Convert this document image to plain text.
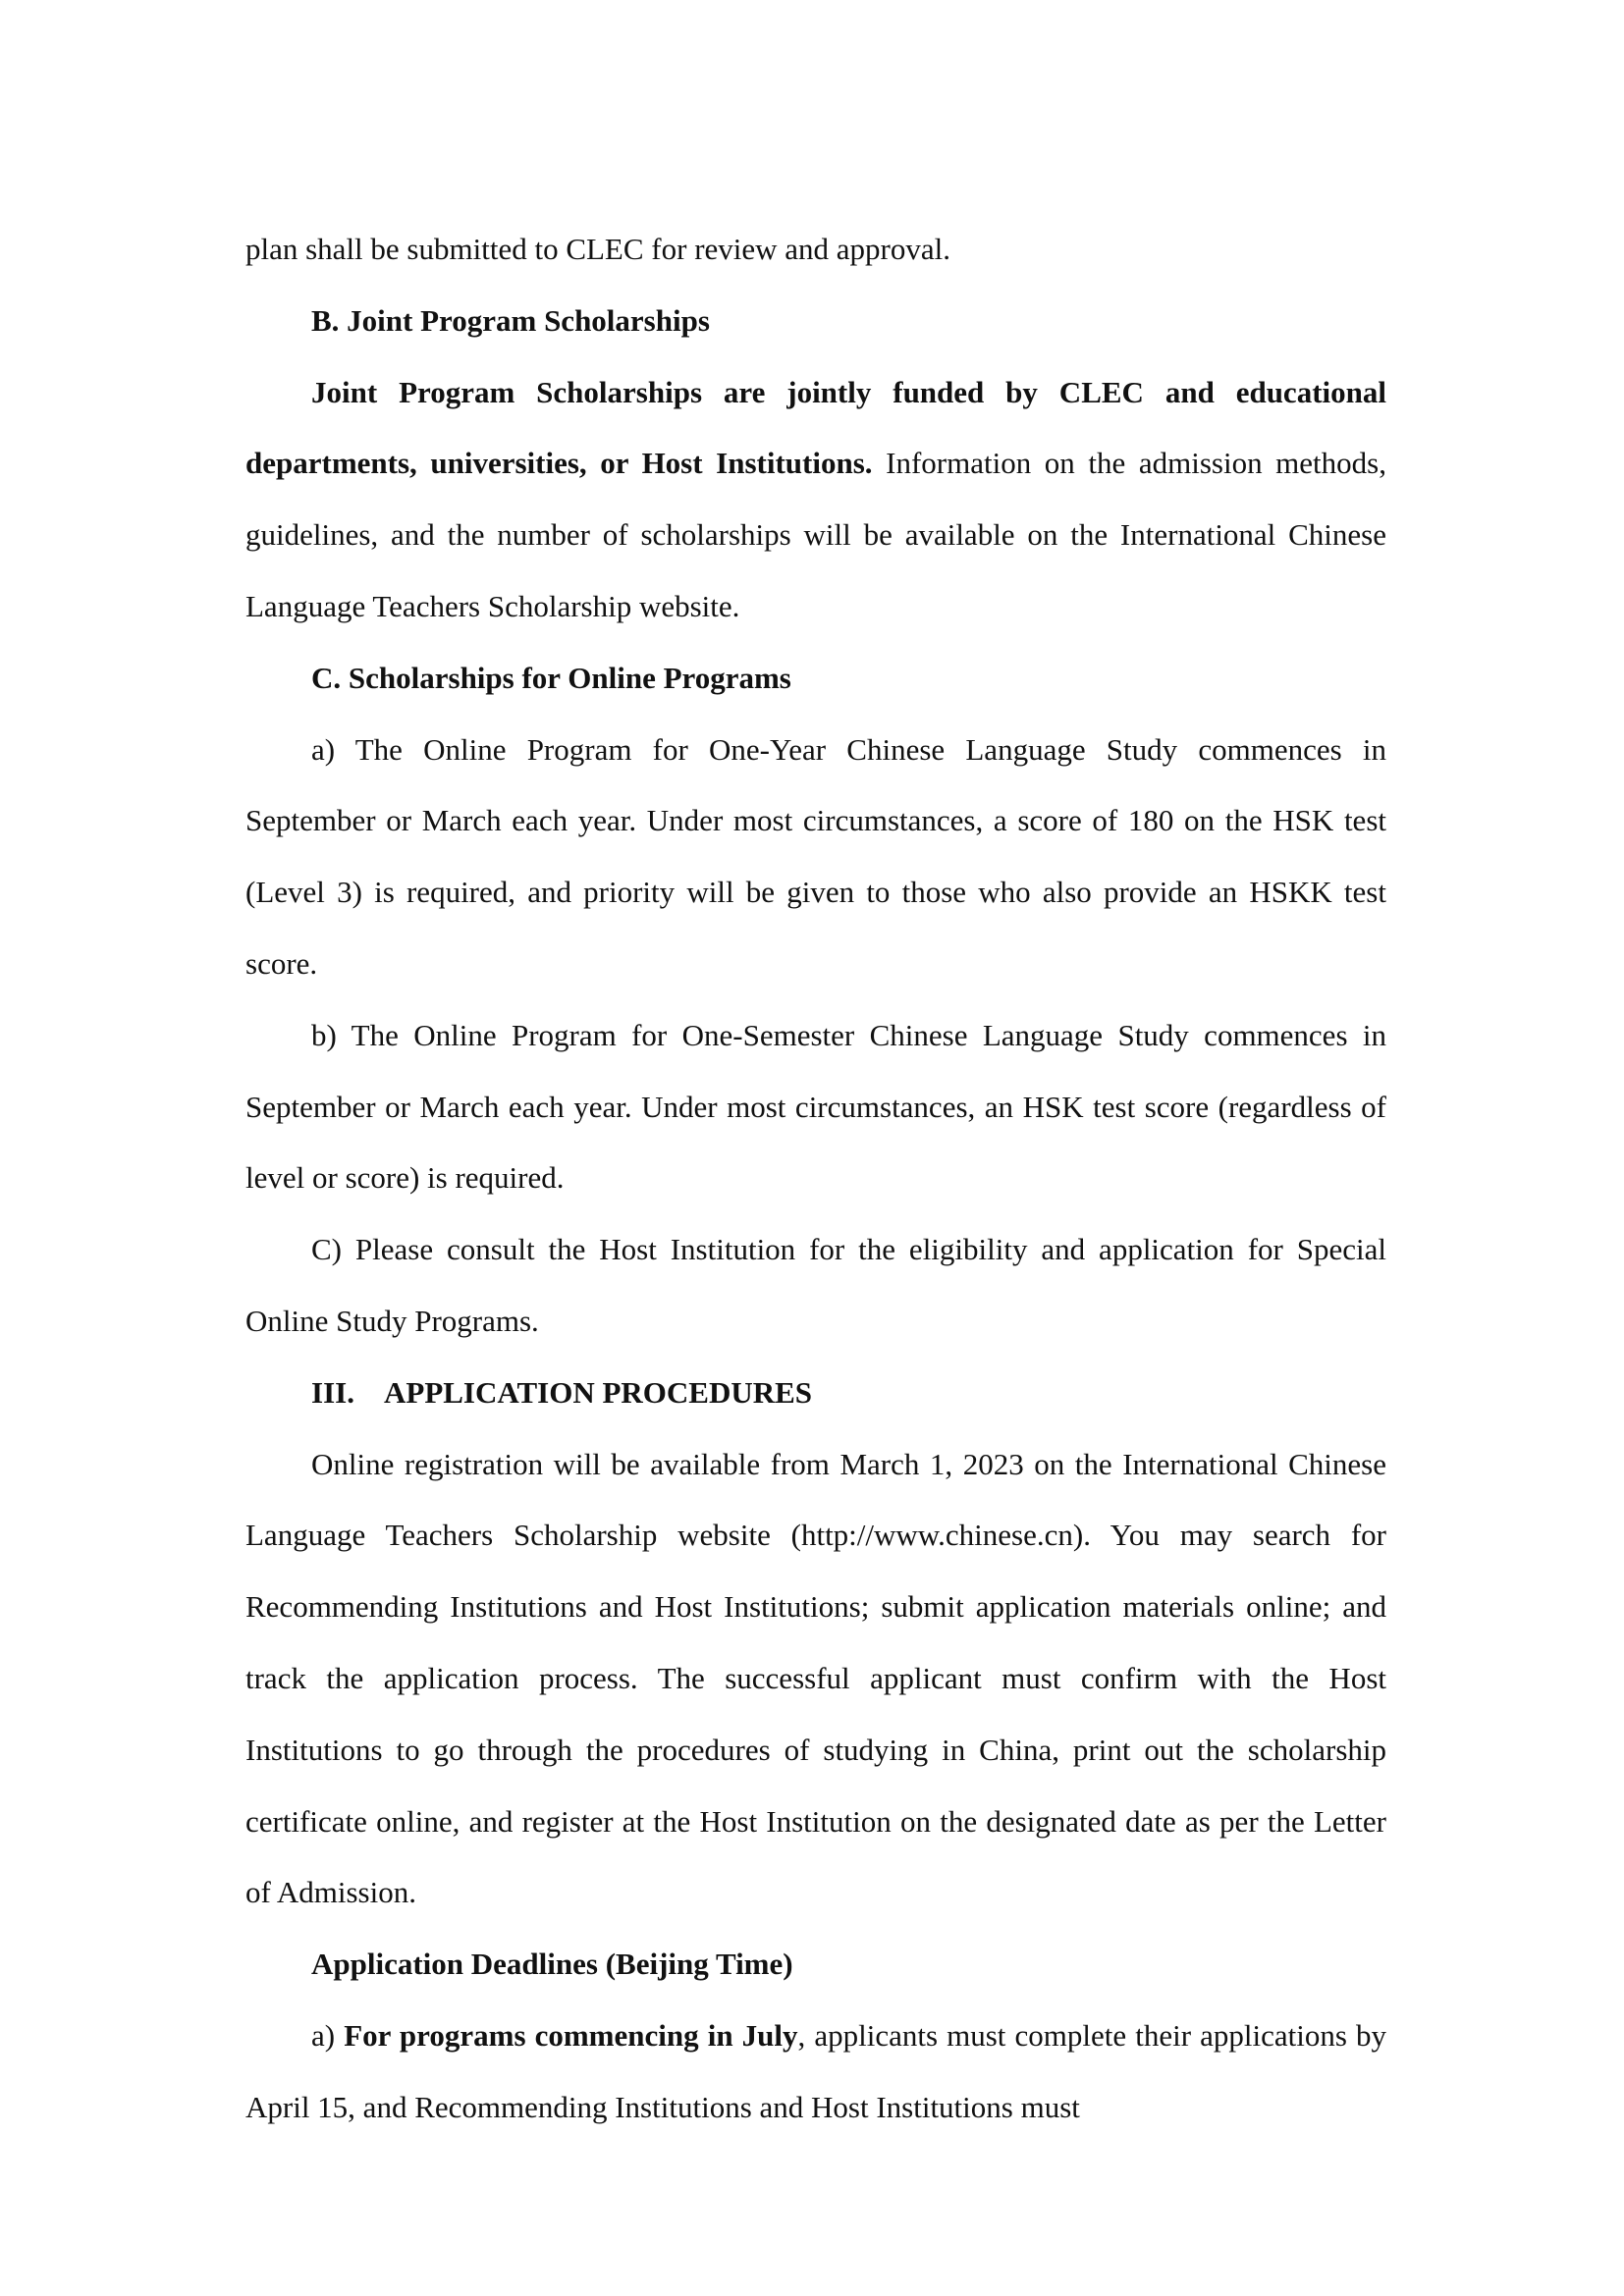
plan shall be submitted to CLEC for review and approval.

B. Joint Program Scholarships

Joint Program Scholarships are jointly funded by CLEC and educational departments, universities, or Host Institutions. Information on the admission methods, guidelines, and the number of scholarships will be available on the International Chinese Language Teachers Scholarship website.

C. Scholarships for Online Programs

a) The Online Program for One-Year Chinese Language Study commences in September or March each year. Under most circumstances, a score of 180 on the HSK test (Level 3) is required, and priority will be given to those who also provide an HSKK test score.

b) The Online Program for One-Semester Chinese Language Study commences in September or March each year. Under most circumstances, an HSK test score (regardless of level or score) is required.

C) Please consult the Host Institution for the eligibility and application for Special Online Study Programs.

III. APPLICATION PROCEDURES

Online registration will be available from March 1, 2023 on the International Chinese Language Teachers Scholarship website (http://www.chinese.cn). You may search for Recommending Institutions and Host Institutions; submit application materials online; and track the application process. The successful applicant must confirm with the Host Institutions to go through the procedures of studying in China, print out the scholarship certificate online, and register at the Host Institution on the designated date as per the Letter of Admission.

Application Deadlines (Beijing Time)

a) For programs commencing in July, applicants must complete their applications by April 15, and Recommending Institutions and Host Institutions must
